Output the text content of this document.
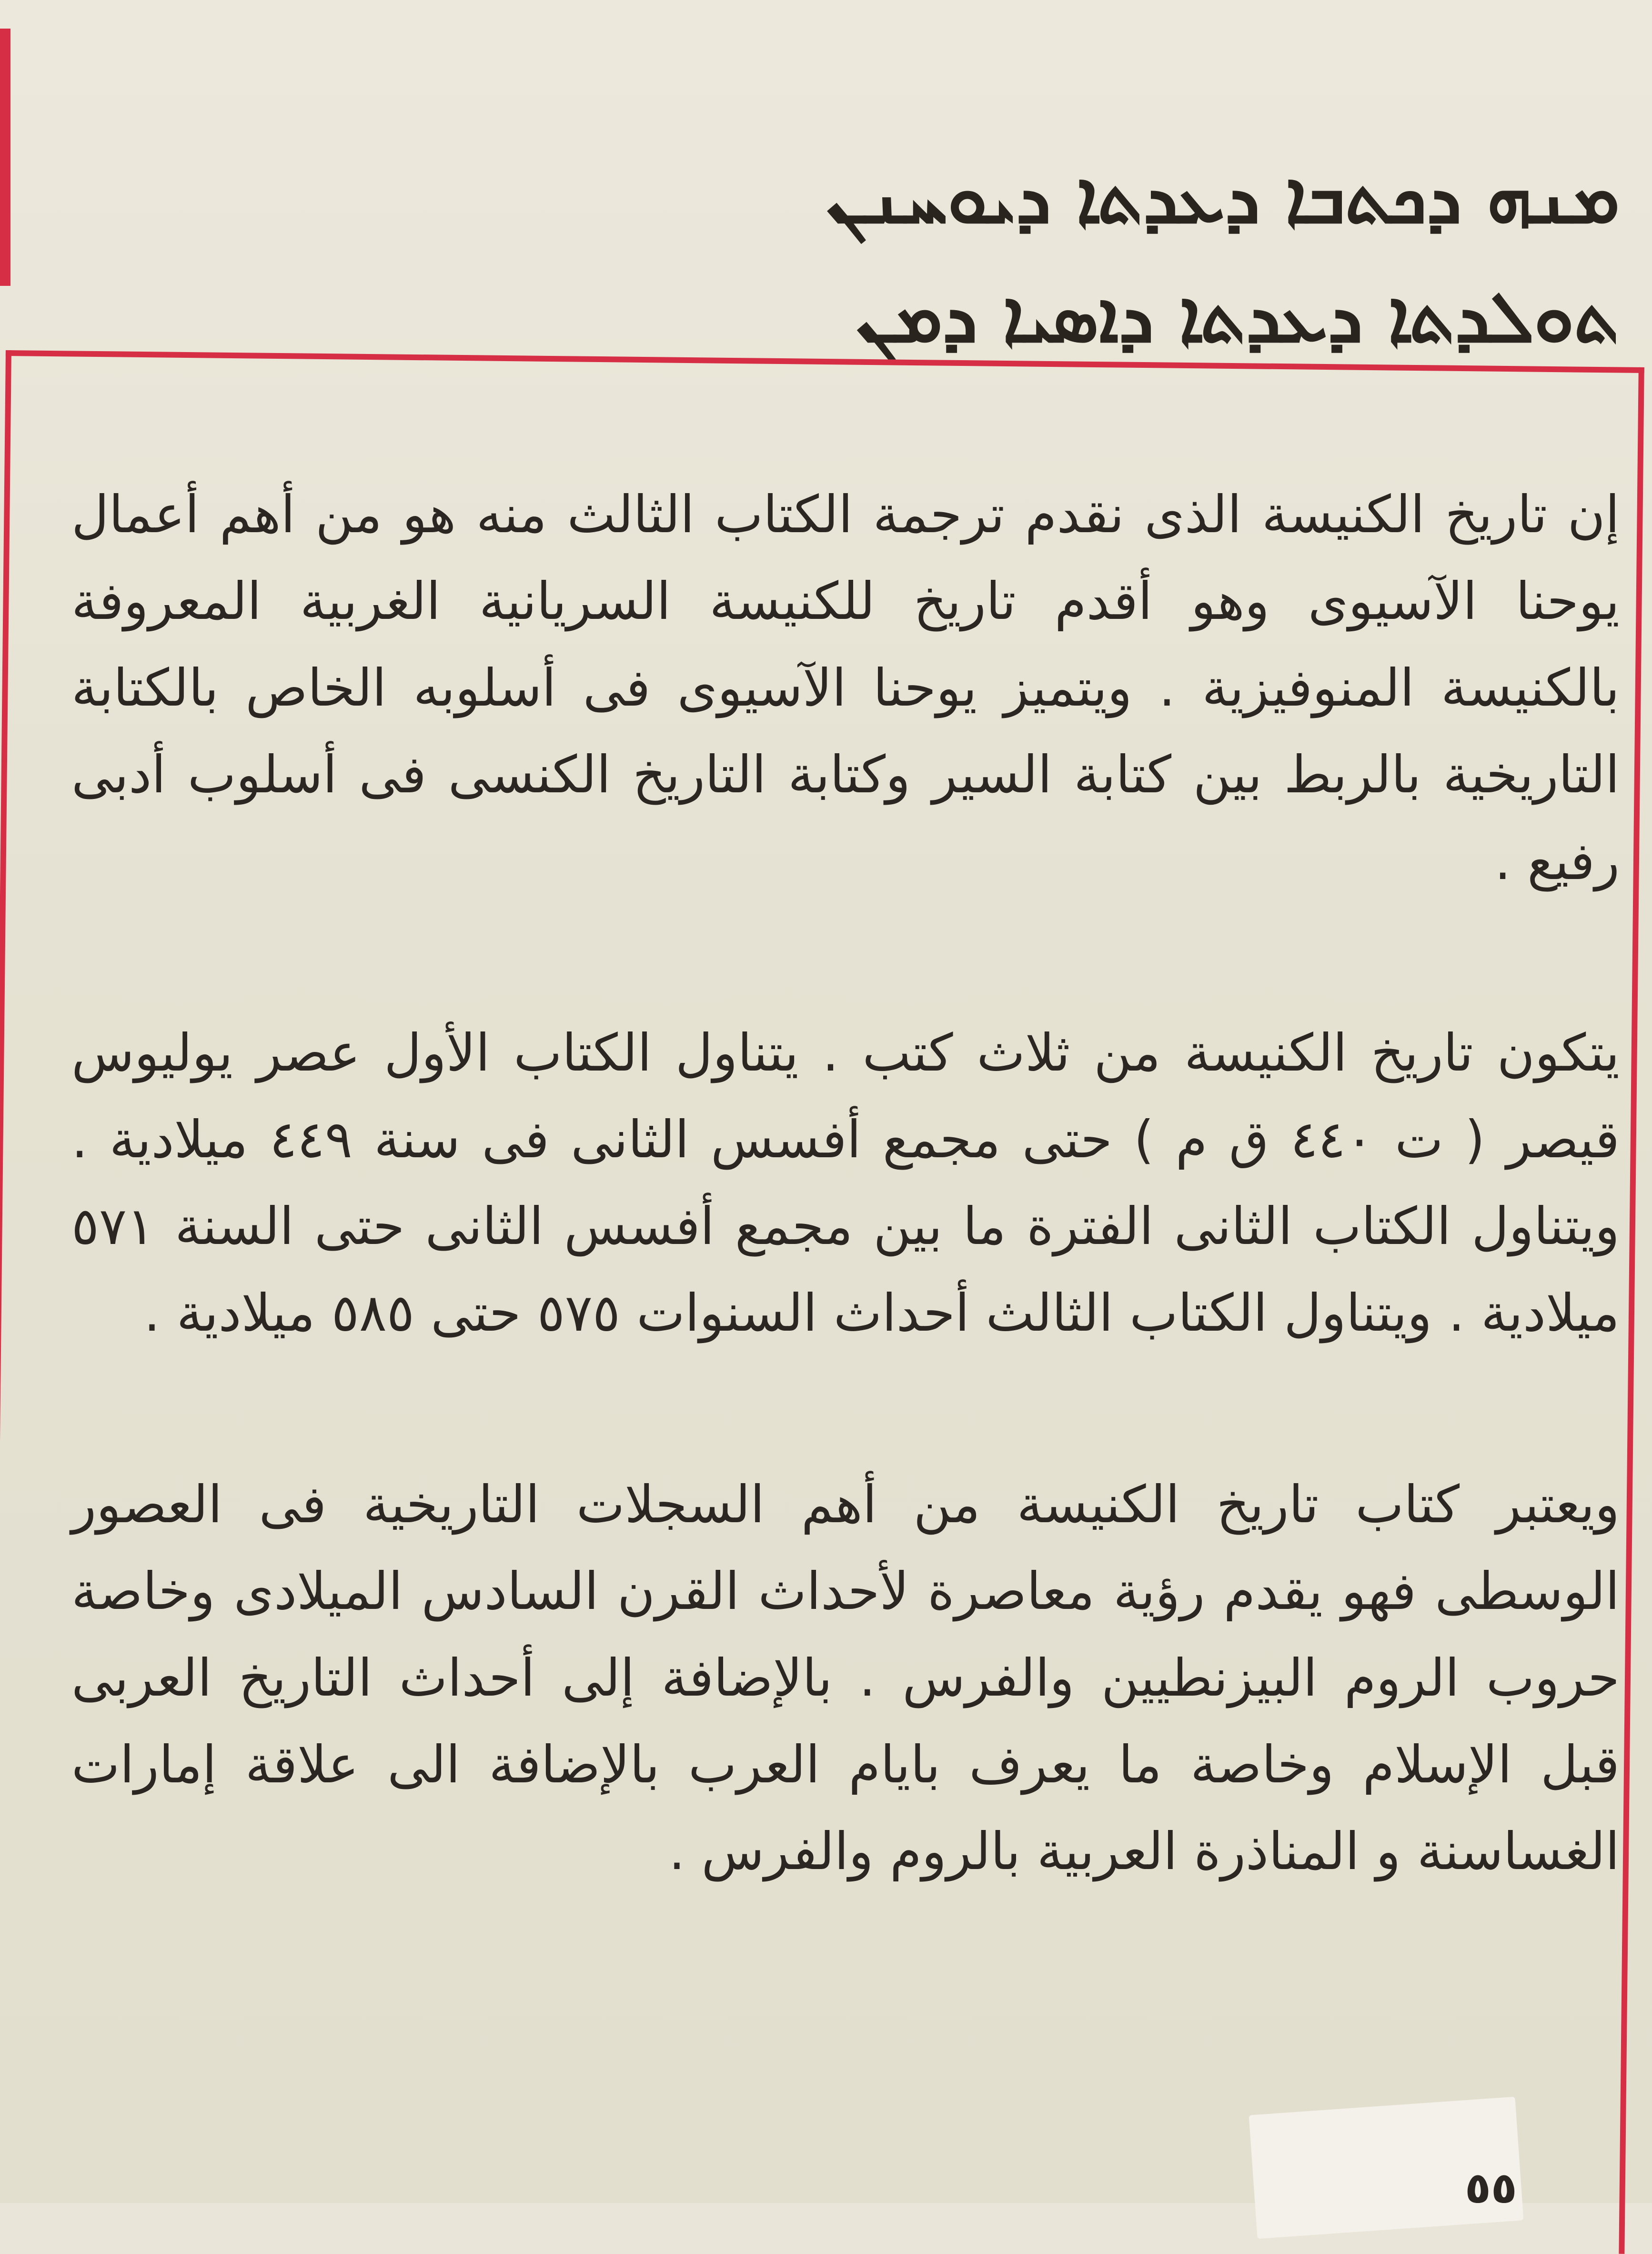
ܡܢܗ ܕܟܬܒܐ ܕܥܕܬܐ ܕܝܘܚܢܢ
ܬܘܠܕܬܐ ܕܥܕܬܐ ܕܐܣܝܐ ܕܡܢ

إن تاريخ الكنيسة الذى نقدم ترجمة الكتاب الثالث منه هو من أهم أعمال يوحنا الآسيوى وهو أقدم تاريخ للكنيسة السريانية الغربية المعروفة بالكنيسة المنوفيزية . ويتميز يوحنا الآسيوى فى أسلوبه الخاص بالكتابة التاريخية بالربط بين كتابة السير وكتابة التاريخ الكنسى فى أسلوب أدبى رفيع .

يتكون تاريخ الكنيسة من ثلاث كتب . يتناول الكتاب الأول عصر يوليوس قيصر ( ت ٤٤٠ ق م ) حتى مجمع أفسس الثانى فى سنة ٤٤٩ ميلادية . ويتناول الكتاب الثانى الفترة ما بين مجمع أفسس الثانى حتى السنة ٥٧١ ميلادية . ويتناول الكتاب الثالث أحداث السنوات ٥٧٥ حتى ٥٨٥ ميلادية .

ويعتبر كتاب تاريخ الكنيسة من أهم السجلات التاريخية فى العصور الوسطى فهو يقدم رؤية معاصرة لأحداث القرن السادس الميلادى وخاصة حروب الروم البيزنطيين والفرس . بالإضافة إلى أحداث التاريخ العربى قبل الإسلام وخاصة ما يعرف بايام العرب بالإضافة الى علاقة إمارات الغساسنة و المناذرة العربية بالروم والفرس .

٥٥
